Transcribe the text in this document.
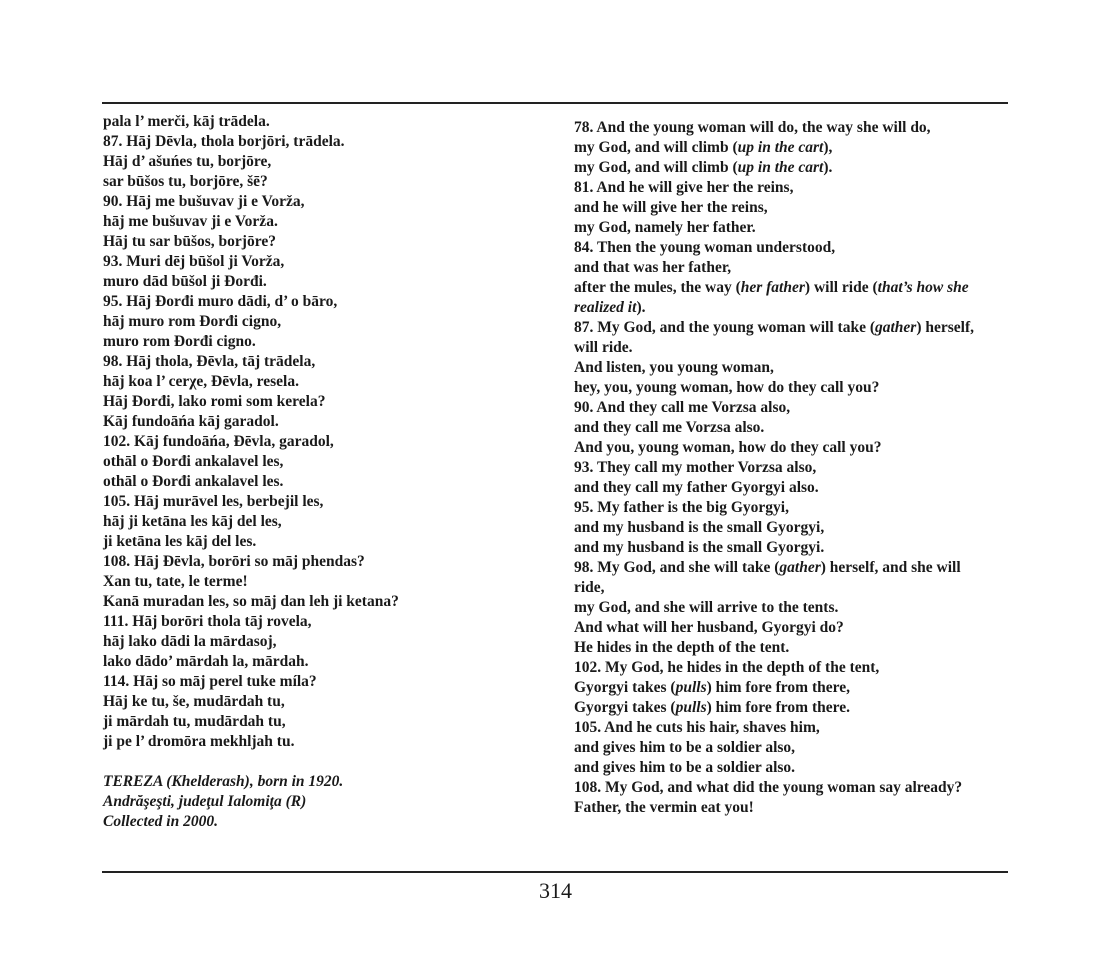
pala l’ merči, kāj trādela.
87. Hāj Dēvla, thola borjōri, trādela.
Hāj d’ ašuńes tu, borjōre,
sar būšos tu, borjōre, šē?
90. Hāj me bušuvav ji e Vorža,
hāj me bušuvav ji e Vorža.
Hāj tu sar būšos, borjōre?
93. Muri dēj būšol ji Vorža,
muro dād būšol ji Đorđi.
95. Hāj Đorđi muro dādi, d’ o bāro,
hāj muro rom Đorđi cigno,
muro rom Đorđi cigno.
98. Hāj thola, Đēvla, tāj trādela,
hāj koa l’ cerχe, Đēvla, resela.
Hāj Đorđi, lako romi som kerela?
Kāj fundoāńa kāj garadol.
102. Kāj fundoāńa, Đēvla, garadol,
othāl o Đorđi ankalavel les,
othāl o Đorđi ankalavel les.
105. Hāj murāvel les, berbejil les,
hāj ji ketāna les kāj del les,
ji ketāna les kāj del les.
108. Hāj Đēvla, borōri so māj phendas?
Xan tu, tate, le terme!
Kanā muradan les, so māj dan leh ji ketana?
111. Hāj borōri thola tāj rovela,
hāj lako dādi la mārdasoj,
lako dādo’ mārdah la, mārdah.
114. Hāj so māj perel tuke míla?
Hāj ke tu, še, mudārdah tu,
ji mārdah tu, mudārdah tu,
ji pe l’ dromōra mekhljah tu.
TEREZA (Khelderash), born in 1920.
Andrăşeşti, judeţul Ialomiţa (R)
Collected in 2000.
78. And the young woman will do, the way she will do,
my God, and will climb (up in the cart),
my God, and will climb (up in the cart).
81. And he will give her the reins,
and he will give her the reins,
my God, namely her father.
84. Then the young woman understood,
and that was her father,
after the mules, the way (her father) will ride (that’s how she realized it).
87. My God, and the young woman will take (gather) herself, will ride.
And listen, you young woman,
hey, you, young woman, how do they call you?
90. And they call me Vorzsa also,
and they call me Vorzsa also.
And you, young woman, how do they call you?
93. They call my mother Vorzsa also,
and they call my father Gyorgyi also.
95. My father is the big Gyorgyi,
and my husband is the small Gyorgyi,
and my husband is the small Gyorgyi.
98. My God, and she will take (gather) herself, and she will ride,
my God, and she will arrive to the tents.
And what will her husband, Gyorgyi do?
He hides in the depth of the tent.
102. My God, he hides in the depth of the tent,
Gyorgyi takes (pulls) him fore from there,
Gyorgyi takes (pulls) him fore from there.
105. And he cuts his hair, shaves him,
and gives him to be a soldier also,
and gives him to be a soldier also.
108. My God, and what did the young woman say already?
Father, the vermin eat you!
314
